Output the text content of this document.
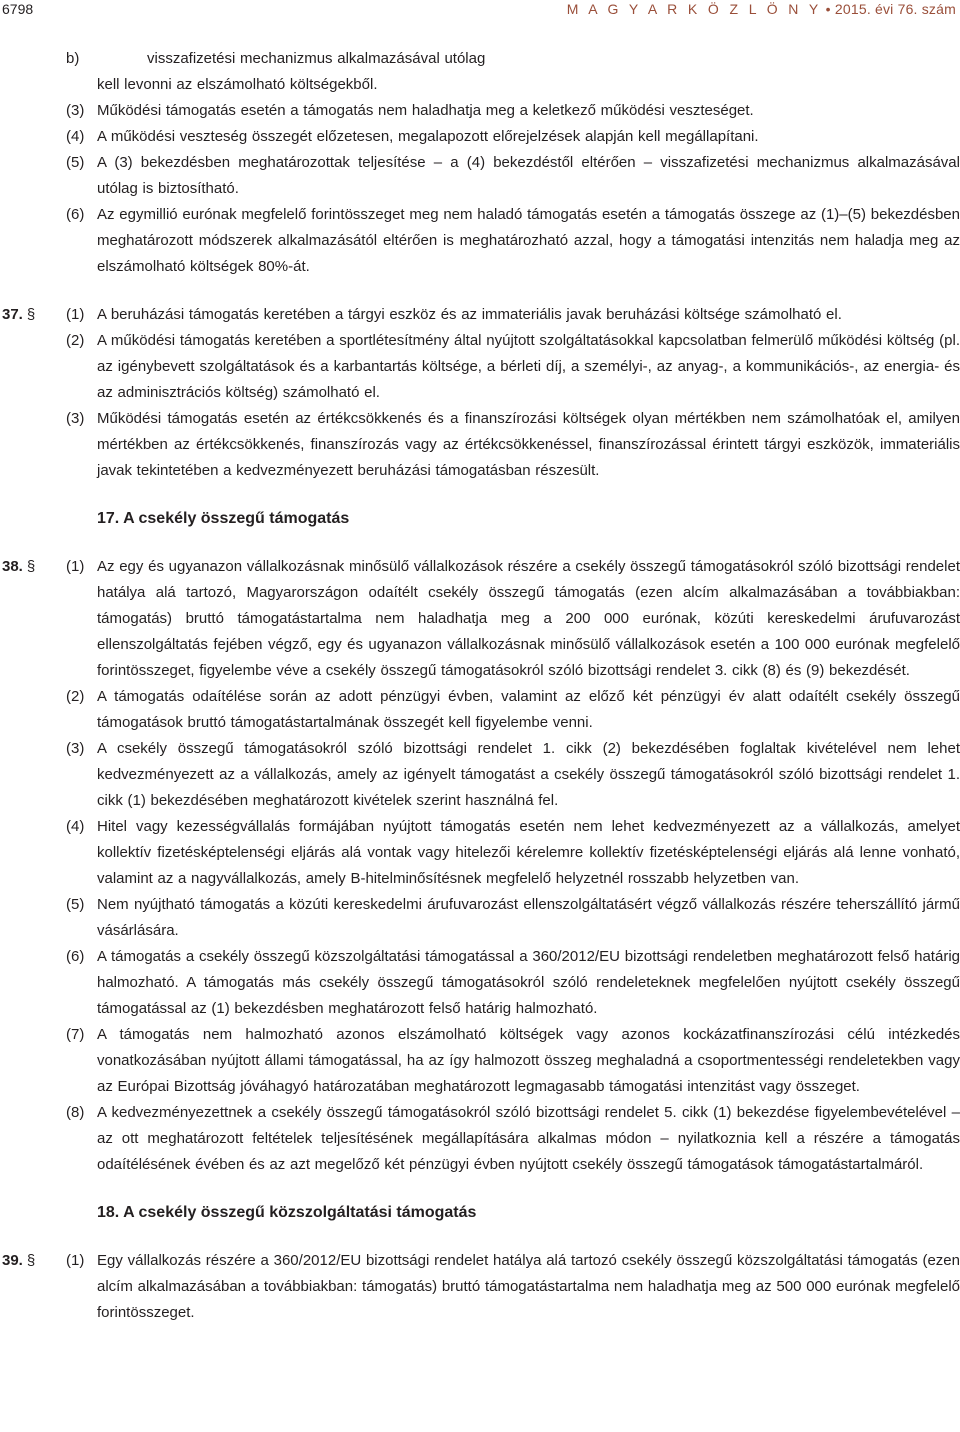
6798	M A G Y A R K Ö Z L Ö N Y • 2015. évi 76. szám
b)	visszafizetési mechanizmus alkalmazásával utólag
kell levonni az elszámolható költségekből.
(3) Működési támogatás esetén a támogatás nem haladhatja meg a keletkező működési veszteséget.
(4) A működési veszteség összegét előzetesen, megalapozott előrejelzések alapján kell megállapítani.
(5) A (3) bekezdésben meghatározottak teljesítése – a (4) bekezdéstől eltérően – visszafizetési mechanizmus alkalmazásával utólag is biztosítható.
(6) Az egymillió eurónak megfelelő forintösszeget meg nem haladó támogatás esetén a támogatás összege az (1)–(5) bekezdésben meghatározott módszerek alkalmazásától eltérően is meghatározható azzal, hogy a támogatási intenzitás nem haladja meg az elszámolható költségek 80%-át.
37. § (1) A beruházási támogatás keretében a tárgyi eszköz és az immateriális javak beruházási költsége számolható el.
(2) A működési támogatás keretében a sportlétesítmény által nyújtott szolgáltatásokkal kapcsolatban felmerülő működési költség (pl. az igénybevett szolgáltatások és a karbantartás költsége, a bérleti díj, a személyi-, az anyag-, a kommunikációs-, az energia- és az adminisztrációs költség) számolható el.
(3) Működési támogatás esetén az értékcsökkenés és a finanszírozási költségek olyan mértékben nem számolhatóak el, amilyen mértékben az értékcsökkenés, finanszírozás vagy az értékcsökkenéssel, finanszírozással érintett tárgyi eszközök, immateriális javak tekintetében a kedvezményezett beruházási támogatásban részesült.
17. A csekély összegű támogatás
38. § (1) Az egy és ugyanazon vállalkozásnak minősülő vállalkozások részére a csekély összegű támogatásokról szóló bizottsági rendelet hatálya alá tartozó, Magyarországon odaítélt csekély összegű támogatás (ezen alcím alkalmazásában a továbbiakban: támogatás) bruttó támogatástartalma nem haladhatja meg a 200 000 eurónak, közúti kereskedelmi árufuvarozást ellenszolgáltatás fejében végző, egy és ugyanazon vállalkozásnak minősülő vállalkozások esetén a 100 000 eurónak megfelelő forintösszeget, figyelembe véve a csekély összegű támogatásokról szóló bizottsági rendelet 3. cikk (8) és (9) bekezdését.
(2) A támogatás odaítélése során az adott pénzügyi évben, valamint az előző két pénzügyi év alatt odaítélt csekély összegű támogatások bruttó támogatástartalmának összegét kell figyelembe venni.
(3) A csekély összegű támogatásokról szóló bizottsági rendelet 1. cikk (2) bekezdésében foglaltak kivételével nem lehet kedvezményezett az a vállalkozás, amely az igényelt támogatást a csekély összegű támogatásokról szóló bizottsági rendelet 1. cikk (1) bekezdésében meghatározott kivételek szerint használná fel.
(4) Hitel vagy kezességvállalás formájában nyújtott támogatás esetén nem lehet kedvezményezett az a vállalkozás, amelyet kollektív fizetésképtelenségi eljárás alá vontak vagy hitelezői kérelemre kollektív fizetésképtelenségi eljárás alá lenne vonható, valamint az a nagyvállalkozás, amely B-hitelminősítésnek megfelelő helyzetnél rosszabb helyzetben van.
(5) Nem nyújtható támogatás a közúti kereskedelmi árufuvarozást ellenszolgáltatásért végző vállalkozás részére teherszállító jármű vásárlására.
(6) A támogatás a csekély összegű közszolgáltatási támogatással a 360/2012/EU bizottsági rendeletben meghatározott felső határig halmozható. A támogatás más csekély összegű támogatásokról szóló rendeleteknek megfelelően nyújtott csekély összegű támogatással az (1) bekezdésben meghatározott felső határig halmozható.
(7) A támogatás nem halmozható azonos elszámolható költségek vagy azonos kockázatfinanszírozási célú intézkedés vonatkozásában nyújtott állami támogatással, ha az így halmozott összeg meghaladná a csoportmentességi rendeletekben vagy az Európai Bizottság jóváhagyó határozatában meghatározott legmagasabb támogatási intenzitást vagy összeget.
(8) A kedvezményezettnek a csekély összegű támogatásokról szóló bizottsági rendelet 5. cikk (1) bekezdése figyelembevételével – az ott meghatározott feltételek teljesítésének megállapítására alkalmas módon – nyilatkoznia kell a részére a támogatás odaítélésének évében és az azt megelőző két pénzügyi évben nyújtott csekély összegű támogatások támogatástartalmáról.
18. A csekély összegű közszolgáltatási támogatás
39. § (1) Egy vállalkozás részére a 360/2012/EU bizottsági rendelet hatálya alá tartozó csekély összegű közszolgáltatási támogatás (ezen alcím alkalmazásában a továbbiakban: támogatás) bruttó támogatástartalma nem haladhatja meg az 500 000 eurónak megfelelő forintösszeget.
